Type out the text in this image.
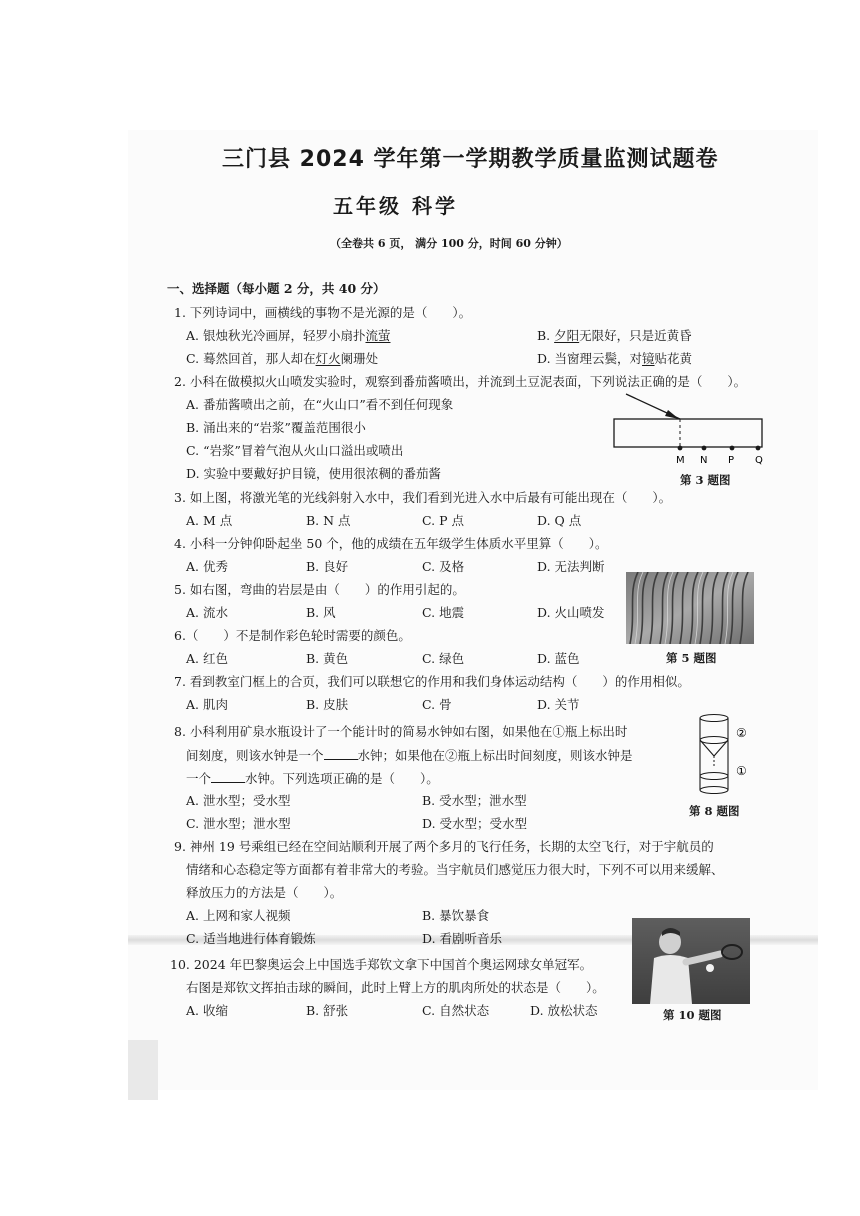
三门县 2024 学年第一学期教学质量监测试题卷
五年级 科学
（全卷共 6 页， 满分 100 分，时间 60 分钟）
一、选择题（每小题 2 分，共 40 分）
1. 下列诗词中，画横线的事物不是光源的是（　　）。
A. 银烛秋光冷画屏，轻罗小扇扑流萤	B. 夕阳无限好，只是近黄昏
C. 蓦然回首，那人却在灯火阑珊处	D. 当窗理云鬓，对镜贴花黄
2. 小科在做模拟火山喷发实验时，观察到番茄酱喷出，并流到土豆泥表面，下列说法正确的是（　　）。
A. 番茄酱喷出之前，在“火山口”看不到任何现象
B. 涌出来的“岩浆”覆盖范围很小
C. “岩浆”冒着气泡从火山口溢出或喷出
D. 实验中要戴好护目镜，使用很浓稠的番茄酱
M N P Q
第 3 题图
3. 如上图，将激光笔的光线斜射入水中，我们看到光进入水中后最有可能出现在（　　）。
A. M 点	B. N 点	C. P 点	D. Q 点
4. 小科一分钟仰卧起坐 50 个，他的成绩在五年级学生体质水平里算（　　）。
A. 优秀	B. 良好	C. 及格	D. 无法判断
第 5 题图
5. 如右图，弯曲的岩层是由（　　）的作用引起的。
A. 流水	B. 风	C. 地震	D. 火山喷发
6.（　　）不是制作彩色轮时需要的颜色。
A. 红色	B. 黄色	C. 绿色	D. 蓝色
7. 看到教室门框上的合页，我们可以联想它的作用和我们身体运动结构（　　）的作用相似。
A. 肌肉	B. 皮肤	C. 骨	D. 关节
②
①
第 8 题图
8. 小科利用矿泉水瓶设计了一个能计时的简易水钟如右图，如果他在①瓶上标出时
间刻度，则该水钟是一个	水钟；如果他在②瓶上标出时间刻度，则该水钟是
一个	水钟。下列选项正确的是（　　）。
A. 泄水型；受水型	B. 受水型；泄水型
C. 泄水型；泄水型	D. 受水型；受水型
9. 神州 19 号乘组已经在空间站顺利开展了两个多月的飞行任务，长期的太空飞行，对于宇航员的
情绪和心态稳定等方面都有着非常大的考验。当宇航员们感觉压力很大时，下列不可以用来缓解、
释放压力的方法是（　　）。
A. 上网和家人视频	B. 暴饮暴食
C. 适当地进行体育锻炼	D. 看剧听音乐
第 10 题图
10. 2024 年巴黎奥运会上中国选手郑钦文拿下中国首个奥运网球女单冠军。
右图是郑钦文挥拍击球的瞬间，此时上臂上方的肌肉所处的状态是（　　）。
A. 收缩	B. 舒张	C. 自然状态	D. 放松状态
